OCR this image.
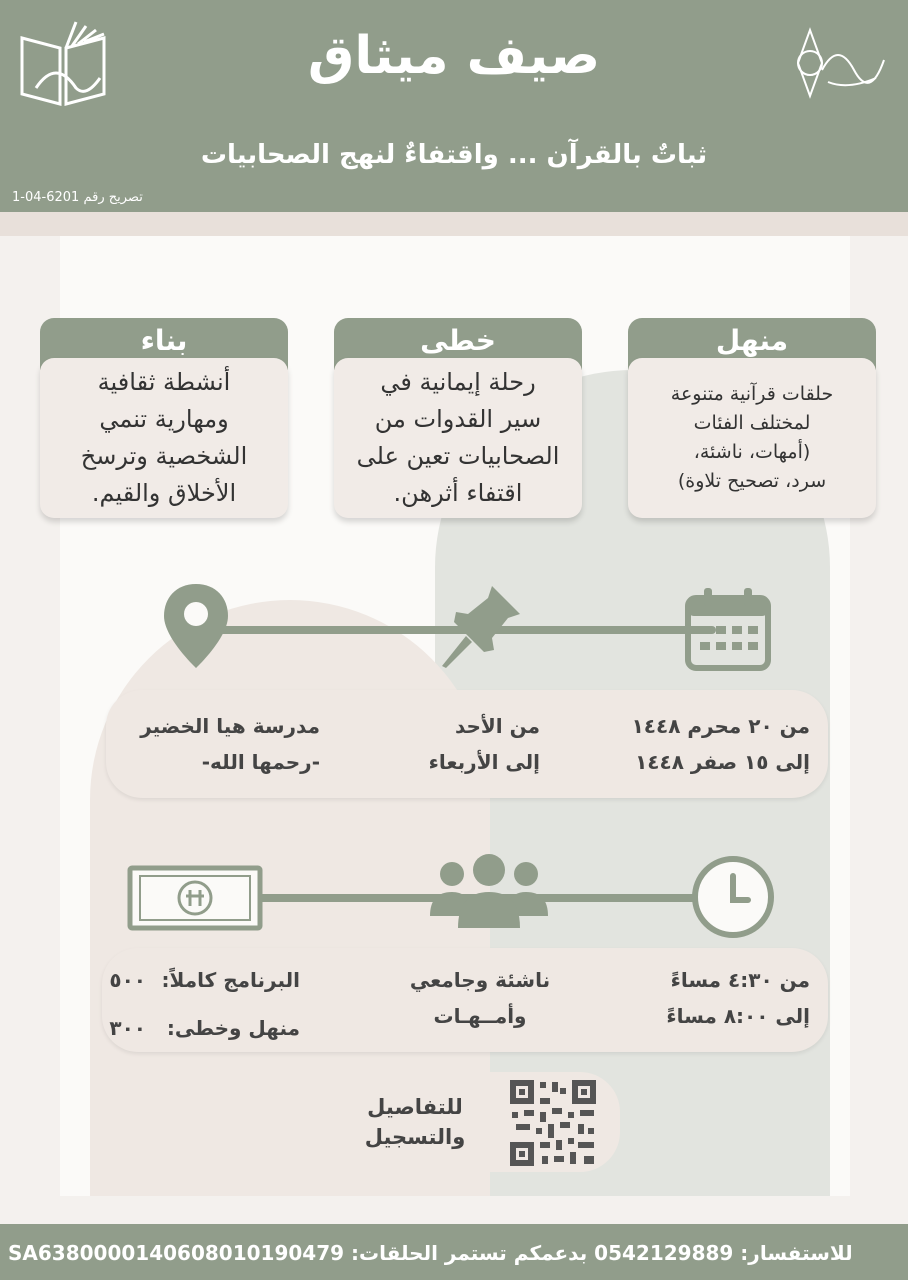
صيف ميثاق
ثباتٌ بالقرآن ... واقتفاءٌ لنهج الصحابيات
تصريح رقم 6201-04-1
منهل
حلقات قرآنية متنوعة
لمختلف الفئات
(أمهات، ناشئة،
سرد، تصحيح تلاوة)
خطى
رحلة إيمانية في
سير القدوات من
الصحابيات تعين على
اقتفاء أثرهن.
بناء
أنشطة ثقافية
ومهارية تنمي
الشخصية وترسخ
الأخلاق والقيم.
من ٢٠ محرم ١٤٤٨
إلى ١٥ صفر ١٤٤٨
من الأحد
إلى الأربعاء
مدرسة هيا الخضير
-رحمها الله-
من ٤:٣٠ مساءً
إلى ٨:٠٠ مساءً
ناشئة وجامعي
وأمــهـات
البرنامج كاملاً:
٥٠٠
منهل وخطى:
٣٠٠
للتفاصيل
والتسجيل
للاستفسار: 0542129889 بدعمكم تستمر الحلقات: SA6380000140608010190479
